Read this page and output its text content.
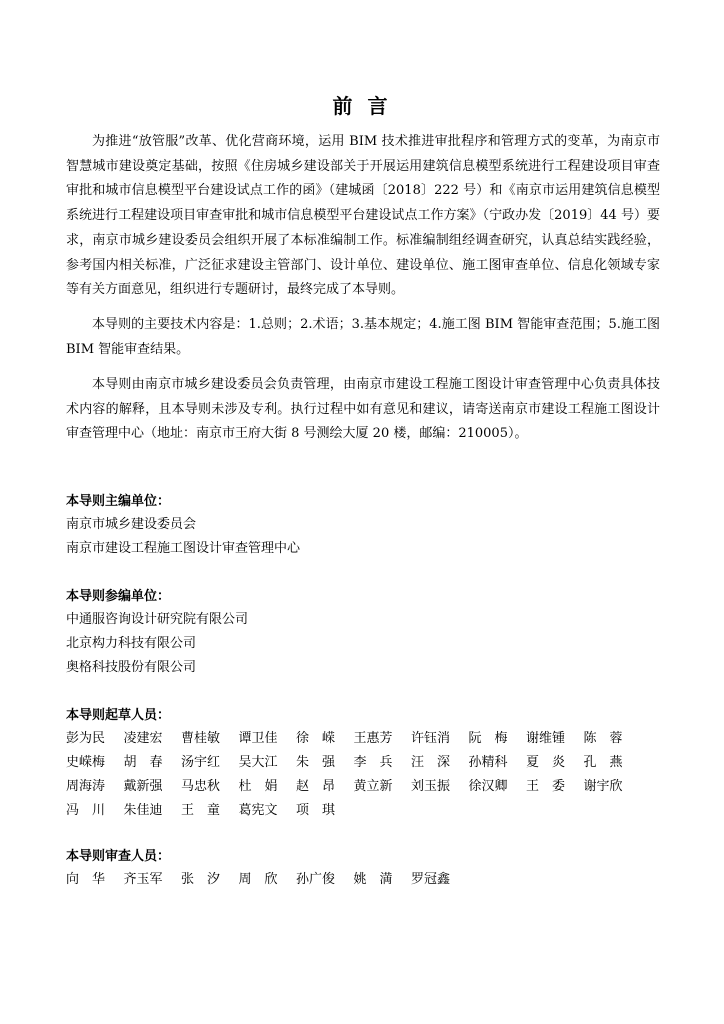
前 言
为推进“放管服”改革、优化营商环境，运用 BIM 技术推进审批程序和管理方式的变革，为南京市智慧城市建设奠定基础，按照《住房城乡建设部关于开展运用建筑信息模型系统进行工程建设项目审查审批和城市信息模型平台建设试点工作的函》（建城函〔2018〕222 号）和《南京市运用建筑信息模型系统进行工程建设项目审查审批和城市信息模型平台建设试点工作方案》（宁政办发〔2019〕44 号）要求，南京市城乡建设委员会组织开展了本标准编制工作。标准编制组经调查研究，认真总结实践经验，参考国内相关标准，广泛征求建设主管部门、设计单位、建设单位、施工图审查单位、信息化领域专家等有关方面意见，组织进行专题研讨，最终完成了本导则。
本导则的主要技术内容是：1.总则；2.术语；3.基本规定；4.施工图 BIM 智能审查范围；5.施工图 BIM 智能审查结果。
本导则由南京市城乡建设委员会负责管理，由南京市建设工程施工图设计审查管理中心负责具体技术内容的解释，且本导则未涉及专利。执行过程中如有意见和建议，请寄送南京市建设工程施工图设计审查管理中心（地址：南京市王府大街 8 号测绘大厦 20 楼，邮编：210005）。
本导则主编单位：
南京市城乡建设委员会
南京市建设工程施工图设计审查管理中心
本导则参编单位：
中通服咨询设计研究院有限公司
北京构力科技有限公司
奥格科技股份有限公司
本导则起草人员：
彭为民 凌建宏 曹桂敏 谭卫佳 徐　嵘 王惠芳 许钰消 阮　梅 谢维锺 陈　蓉
史嵘梅 胡　春 汤宇红 吴大江 朱　强 李　兵 汪　深 孙精科 夏　炎 孔　燕
周海涛 戴新强 马忠秋 杜　娟 赵　昂 黄立新 刘玉振 徐汉卿 王　委 谢宇欣
冯　川 朱佳迪 王　童 葛宪文 项　琪
本导则审查人员：
向　华 齐玉军 张　汐 周　欣 孙广俊 姚　満 罗冠鑫
